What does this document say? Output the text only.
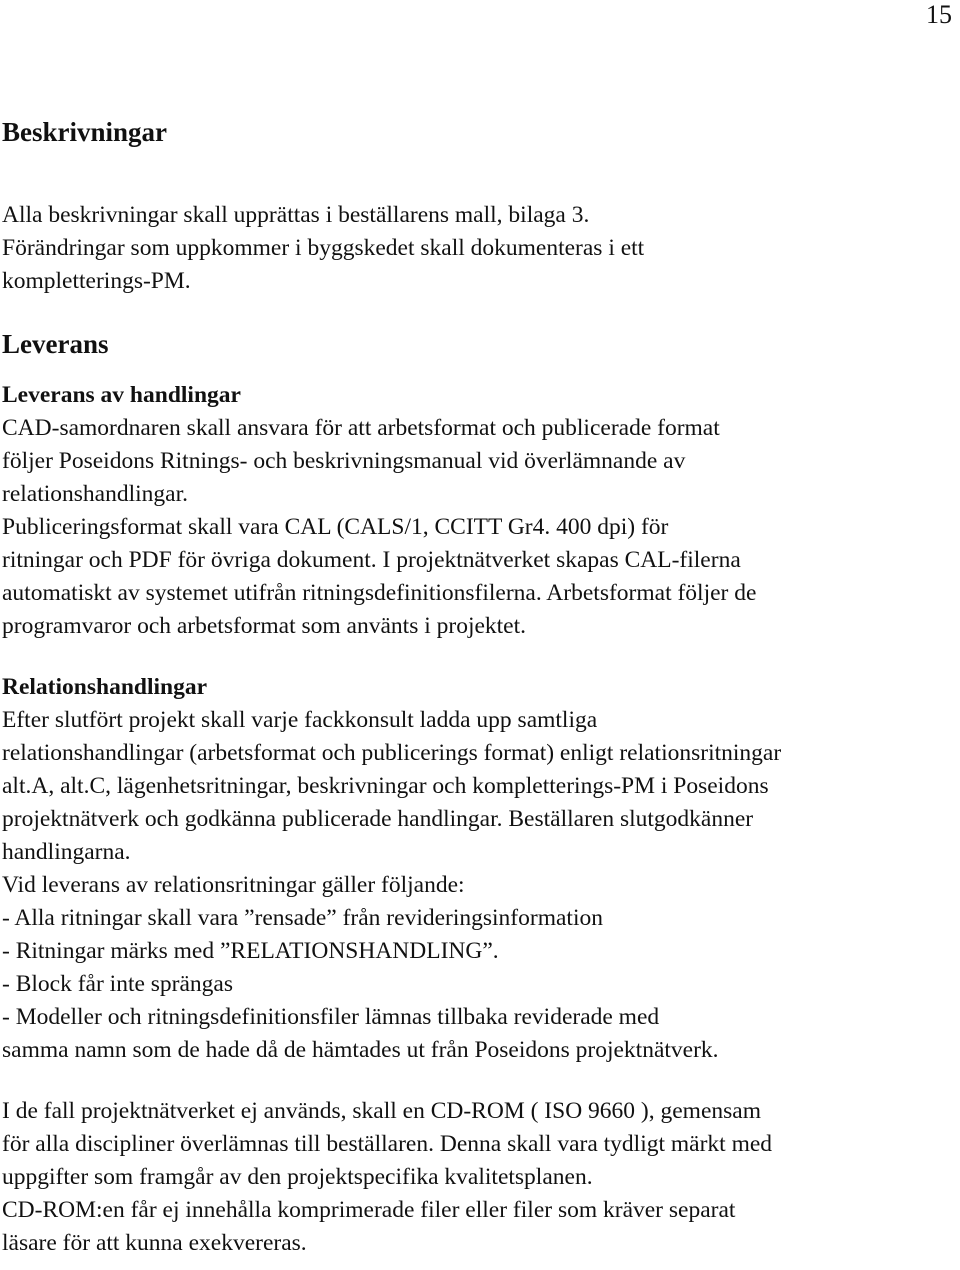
15

Beskrivningar

Alla beskrivningar skall upprättas i beställarens mall, bilaga 3.

Förändringar som uppkommer i byggskedet skall dokumenteras i ett

kompletterings-PM.

Leverans

Leverans av handlingar

CAD-samordnaren skall ansvara för att arbetsformat och publicerade format

följer Poseidons Ritnings- och beskrivningsmanual vid överlämnande av

relationshandlingar.

Publiceringsformat skall vara CAL (CALS/1, CCITT Gr4. 400 dpi) för

ritningar och PDF för övriga dokument. I projektnätverket skapas CAL-filerna

automatiskt av systemet utifrån ritningsdefinitionsfilerna. Arbetsformat följer de

programvaror och arbetsformat som använts i projektet.

Relationshandlingar

Efter slutfört projekt skall varje fackkonsult ladda upp samtliga

relationshandlingar (arbetsformat och publicerings format) enligt relationsritningar

alt.A, alt.C, lägenhetsritningar, beskrivningar och kompletterings-PM i Poseidons

projektnätverk och godkänna publicerade handlingar. Beställaren slutgodkänner

handlingarna.

Vid leverans av relationsritningar gäller följande:

- Alla ritningar skall vara ”rensade” från revideringsinformation

- Ritningar märks med ”RELATIONSHANDLING”.

- Block får inte sprängas

- Modeller och ritningsdefinitionsfiler lämnas tillbaka reviderade med

samma namn som de hade då de hämtades ut från Poseidons projektnätverk.

I de fall projektnätverket ej används, skall en CD-ROM ( ISO 9660 ), gemensam

för alla discipliner överlämnas till beställaren. Denna skall vara tydligt märkt med

uppgifter som framgår av den projektspecifika kvalitetsplanen.

CD-ROM:en får ej innehålla komprimerade filer eller filer som kräver separat

läsare för att kunna exekvereras.
